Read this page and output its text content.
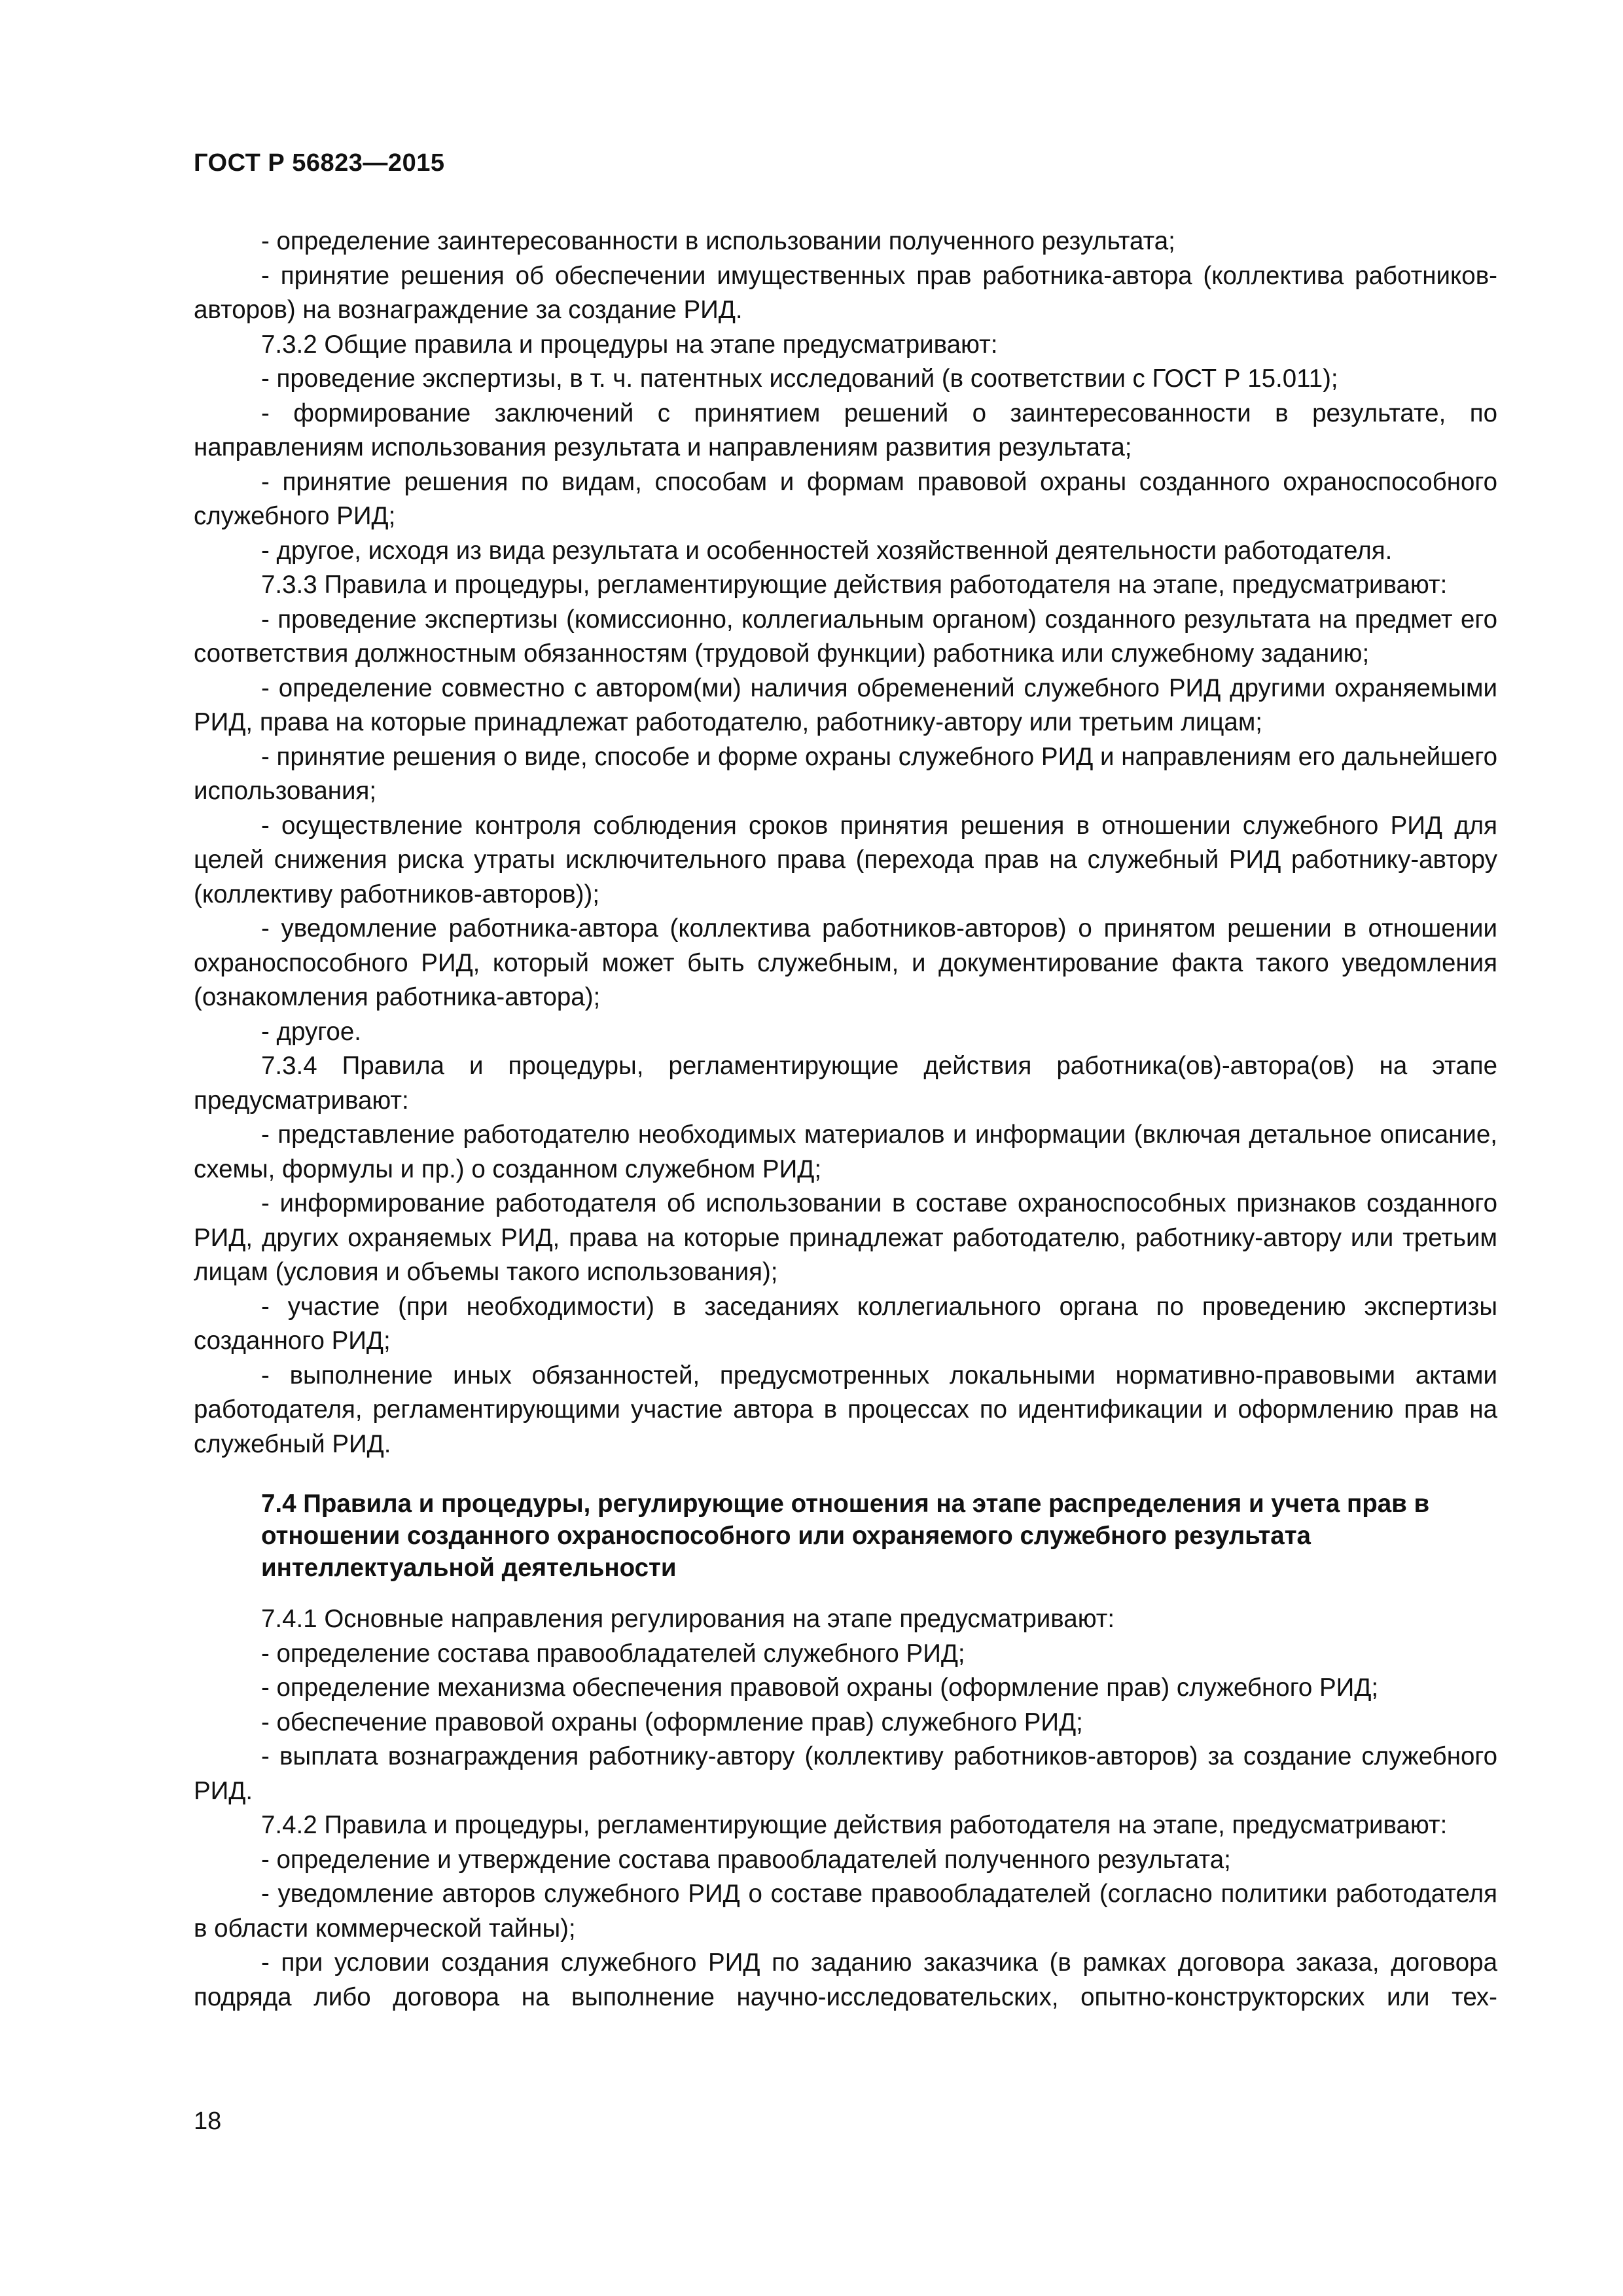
ГОСТ Р 56823—2015

- определение заинтересованности в использовании полученного результата;

- принятие решения об обеспечении имущественных прав работника-автора (коллектива работников-авторов) на вознаграждение за создание РИД.

7.3.2 Общие правила и процедуры на этапе предусматривают:

- проведение экспертизы, в т. ч. патентных исследований (в соответствии с ГОСТ Р 15.011);

- формирование заключений с принятием решений о заинтересованности в результате, по направлениям использования результата и направлениям развития результата;

- принятие решения по видам, способам и формам правовой охраны созданного охраноспособного служебного РИД;

- другое, исходя из вида результата и особенностей хозяйственной деятельности работодателя.

7.3.3 Правила и процедуры, регламентирующие действия работодателя на этапе, предусматривают:

- проведение экспертизы (комиссионно, коллегиальным органом) созданного результата на предмет его соответствия должностным обязанностям (трудовой функции) работника или служебному заданию;

- определение совместно с автором(ми) наличия обременений служебного РИД другими охраняемыми РИД, права на которые принадлежат работодателю, работнику-автору или третьим лицам;

- принятие решения о виде, способе и форме охраны служебного РИД и направлениям его дальнейшего использования;

- осуществление контроля соблюдения сроков принятия решения в отношении служебного РИД для целей снижения риска утраты исключительного права (перехода прав на служебный РИД работнику-автору (коллективу работников-авторов));

- уведомление работника-автора (коллектива работников-авторов) о принятом решении в отношении охраноспособного РИД, который может быть служебным, и документирование факта такого уведомления (ознакомления работника-автора);

- другое.

7.3.4 Правила и процедуры, регламентирующие действия работника(ов)-автора(ов) на этапе предусматривают:

- представление работодателю необходимых материалов и информации (включая детальное описание, схемы, формулы и пр.) о созданном служебном РИД;

- информирование работодателя об использовании в составе охраноспособных признаков созданного РИД, других охраняемых РИД, права на которые принадлежат работодателю, работнику-автору или третьим лицам (условия и объемы такого использования);

- участие (при необходимости) в заседаниях коллегиального органа по проведению экспертизы созданного РИД;

- выполнение иных обязанностей, предусмотренных локальными нормативно-правовыми актами работодателя, регламентирующими участие автора в процессах по идентификации и оформлению прав на служебный РИД.

7.4 Правила и процедуры, регулирующие отношения на этапе распределения и учета прав в отношении созданного охраноспособного или охраняемого служебного результата интеллектуальной деятельности

7.4.1 Основные направления регулирования на этапе предусматривают:

- определение состава правообладателей служебного РИД;

- определение механизма обеспечения правовой охраны (оформление прав) служебного РИД;

- обеспечение правовой охраны (оформление прав) служебного РИД;

- выплата вознаграждения работнику-автору (коллективу работников-авторов) за создание служебного РИД.

7.4.2 Правила и процедуры, регламентирующие действия работодателя на этапе, предусматривают:

- определение и утверждение состава правообладателей полученного результата;

- уведомление авторов служебного РИД о составе правообладателей (согласно политики работодателя в области коммерческой тайны);

- при условии создания служебного РИД по заданию заказчика (в рамках договора заказа, договора подряда либо договора на выполнение научно-исследовательских, опытно-конструкторских или тех-

18
